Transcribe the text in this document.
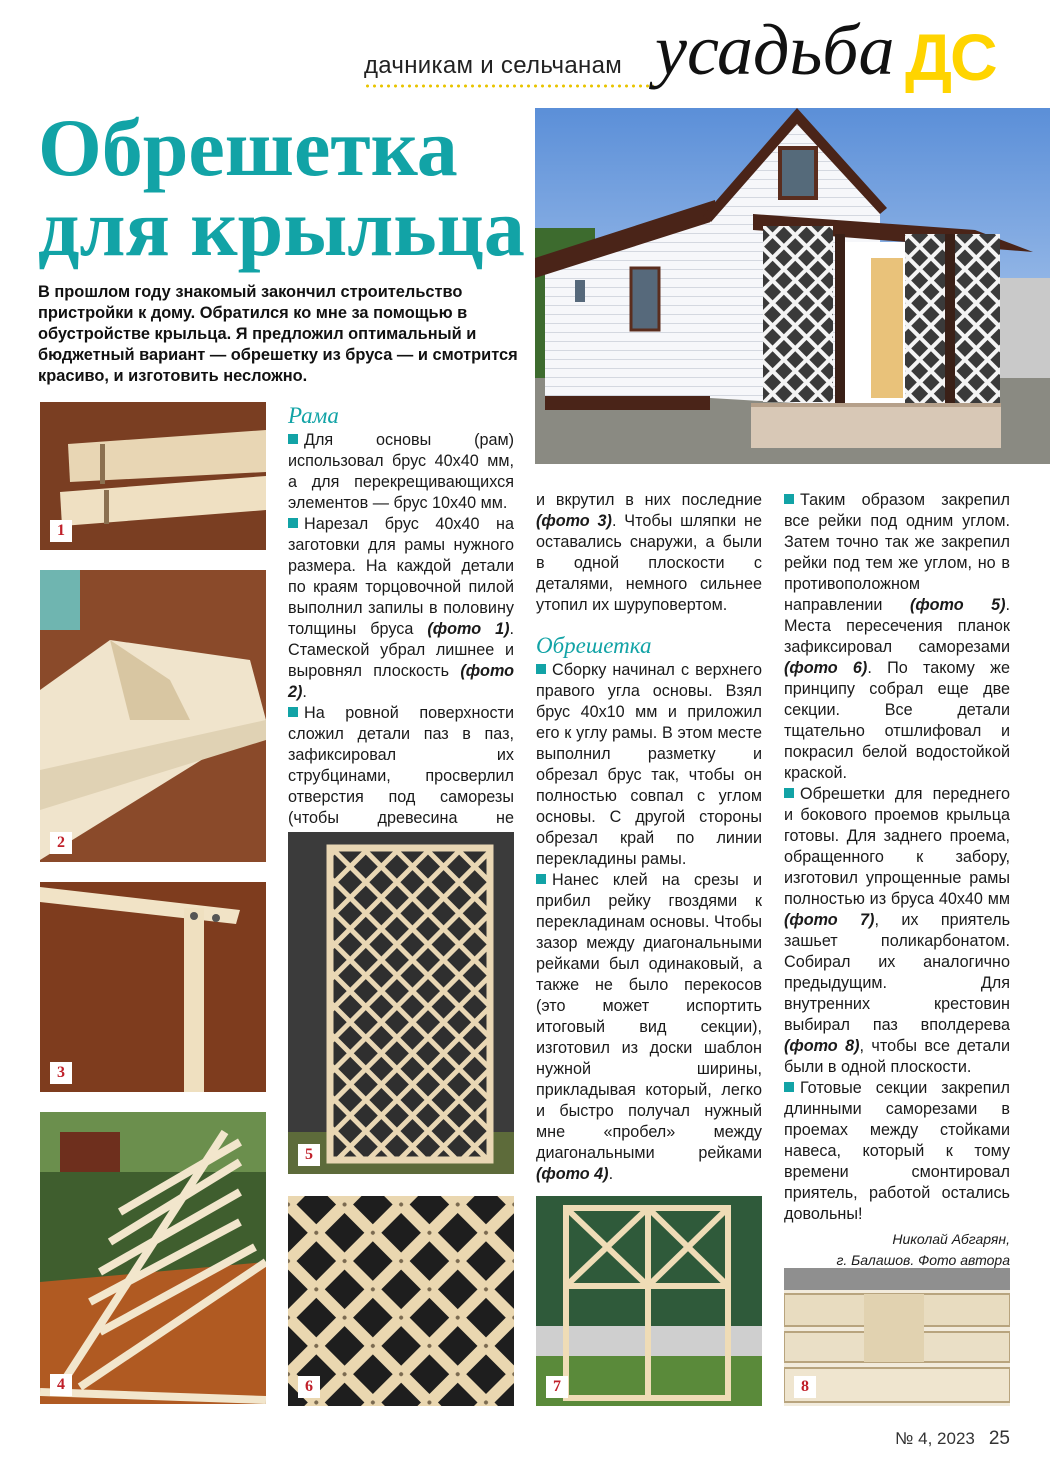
дачникам и сельчанам усадьба ДС
Обрешетка
для крыльца
В прошлом году знакомый закончил строительство пристройки к дому. Обратился ко мне за помощью в обустройстве крыльца. Я предложил оптимальный и бюджетный вариант — обрешетку из бруса — и смотрится красиво, и изготовить несложно.
1
2
3
4
Рама

Для основы (рам) использовал брус 40х40 мм, а для перекрещивающихся элементов — брус 10х40 мм.

Нарезал брус 40х40 на заготовки для рамы нужного размера. На каждой детали по краям торцовочной пилой выполнил запилы в половину толщины бруса (фото 1). Стамеской убрал лишнее и выровнял плоскость (фото 2).

На ровной поверхности сложил детали паз в паз, зафиксировал их струбцинами, просверлил отверстия под саморезы (чтобы древесина не

5
6

и вкрутил в них последние (фото 3). Чтобы шляпки не оставались снаружи, а были в одной плоскости с деталями, немного сильнее утопил их шуруповертом.

Обрешетка

Сборку начинал с верхнего правого угла основы. Взял брус 40х10 мм и приложил его к углу рамы. В этом месте выполнил разметку и обрезал брус так, чтобы он полностью совпал с углом основы. С другой стороны обрезал край по линии перекладины рамы.

Нанес клей на срезы и прибил рейку гвоздями к перекладинам основы. Чтобы зазор между диагональными рейками был одинаковый, а также не было перекосов (это может испортить итоговый вид секции), изготовил из доски шаблон нужной ширины, прикладывая который, легко и быстро получал нужный мне «пробел» между диагональными рейками (фото 4).

7

Таким образом закрепил все рейки под одним углом. Затем точно так же закрепил рейки под тем же углом, но в противоположном направлении (фото 5). Места пересечения планок зафиксировал саморезами (фото 6). По такому же принципу собрал еще две секции. Все детали тщательно отшлифовал и покрасил белой водостойкой краской.

Обрешетки для переднего и бокового проемов крыльца готовы. Для заднего проема, обращенного к забору, изготовил упрощенные рамы полностью из бруса 40х40 мм (фото 7), их приятель зашьет поликарбонатом. Собирал их аналогично предыдущим. Для внутренних крестовин выбирал паз вполдерева (фото 8), чтобы все детали были в одной плоскости.

Готовые секции закрепил длинными саморезами в проемах между стойками навеса, который к тому времени смонтировал приятель, работой остались довольны!

Николай Абгарян,
г. Балашов. Фото автора
8
№ 4, 2023 25
